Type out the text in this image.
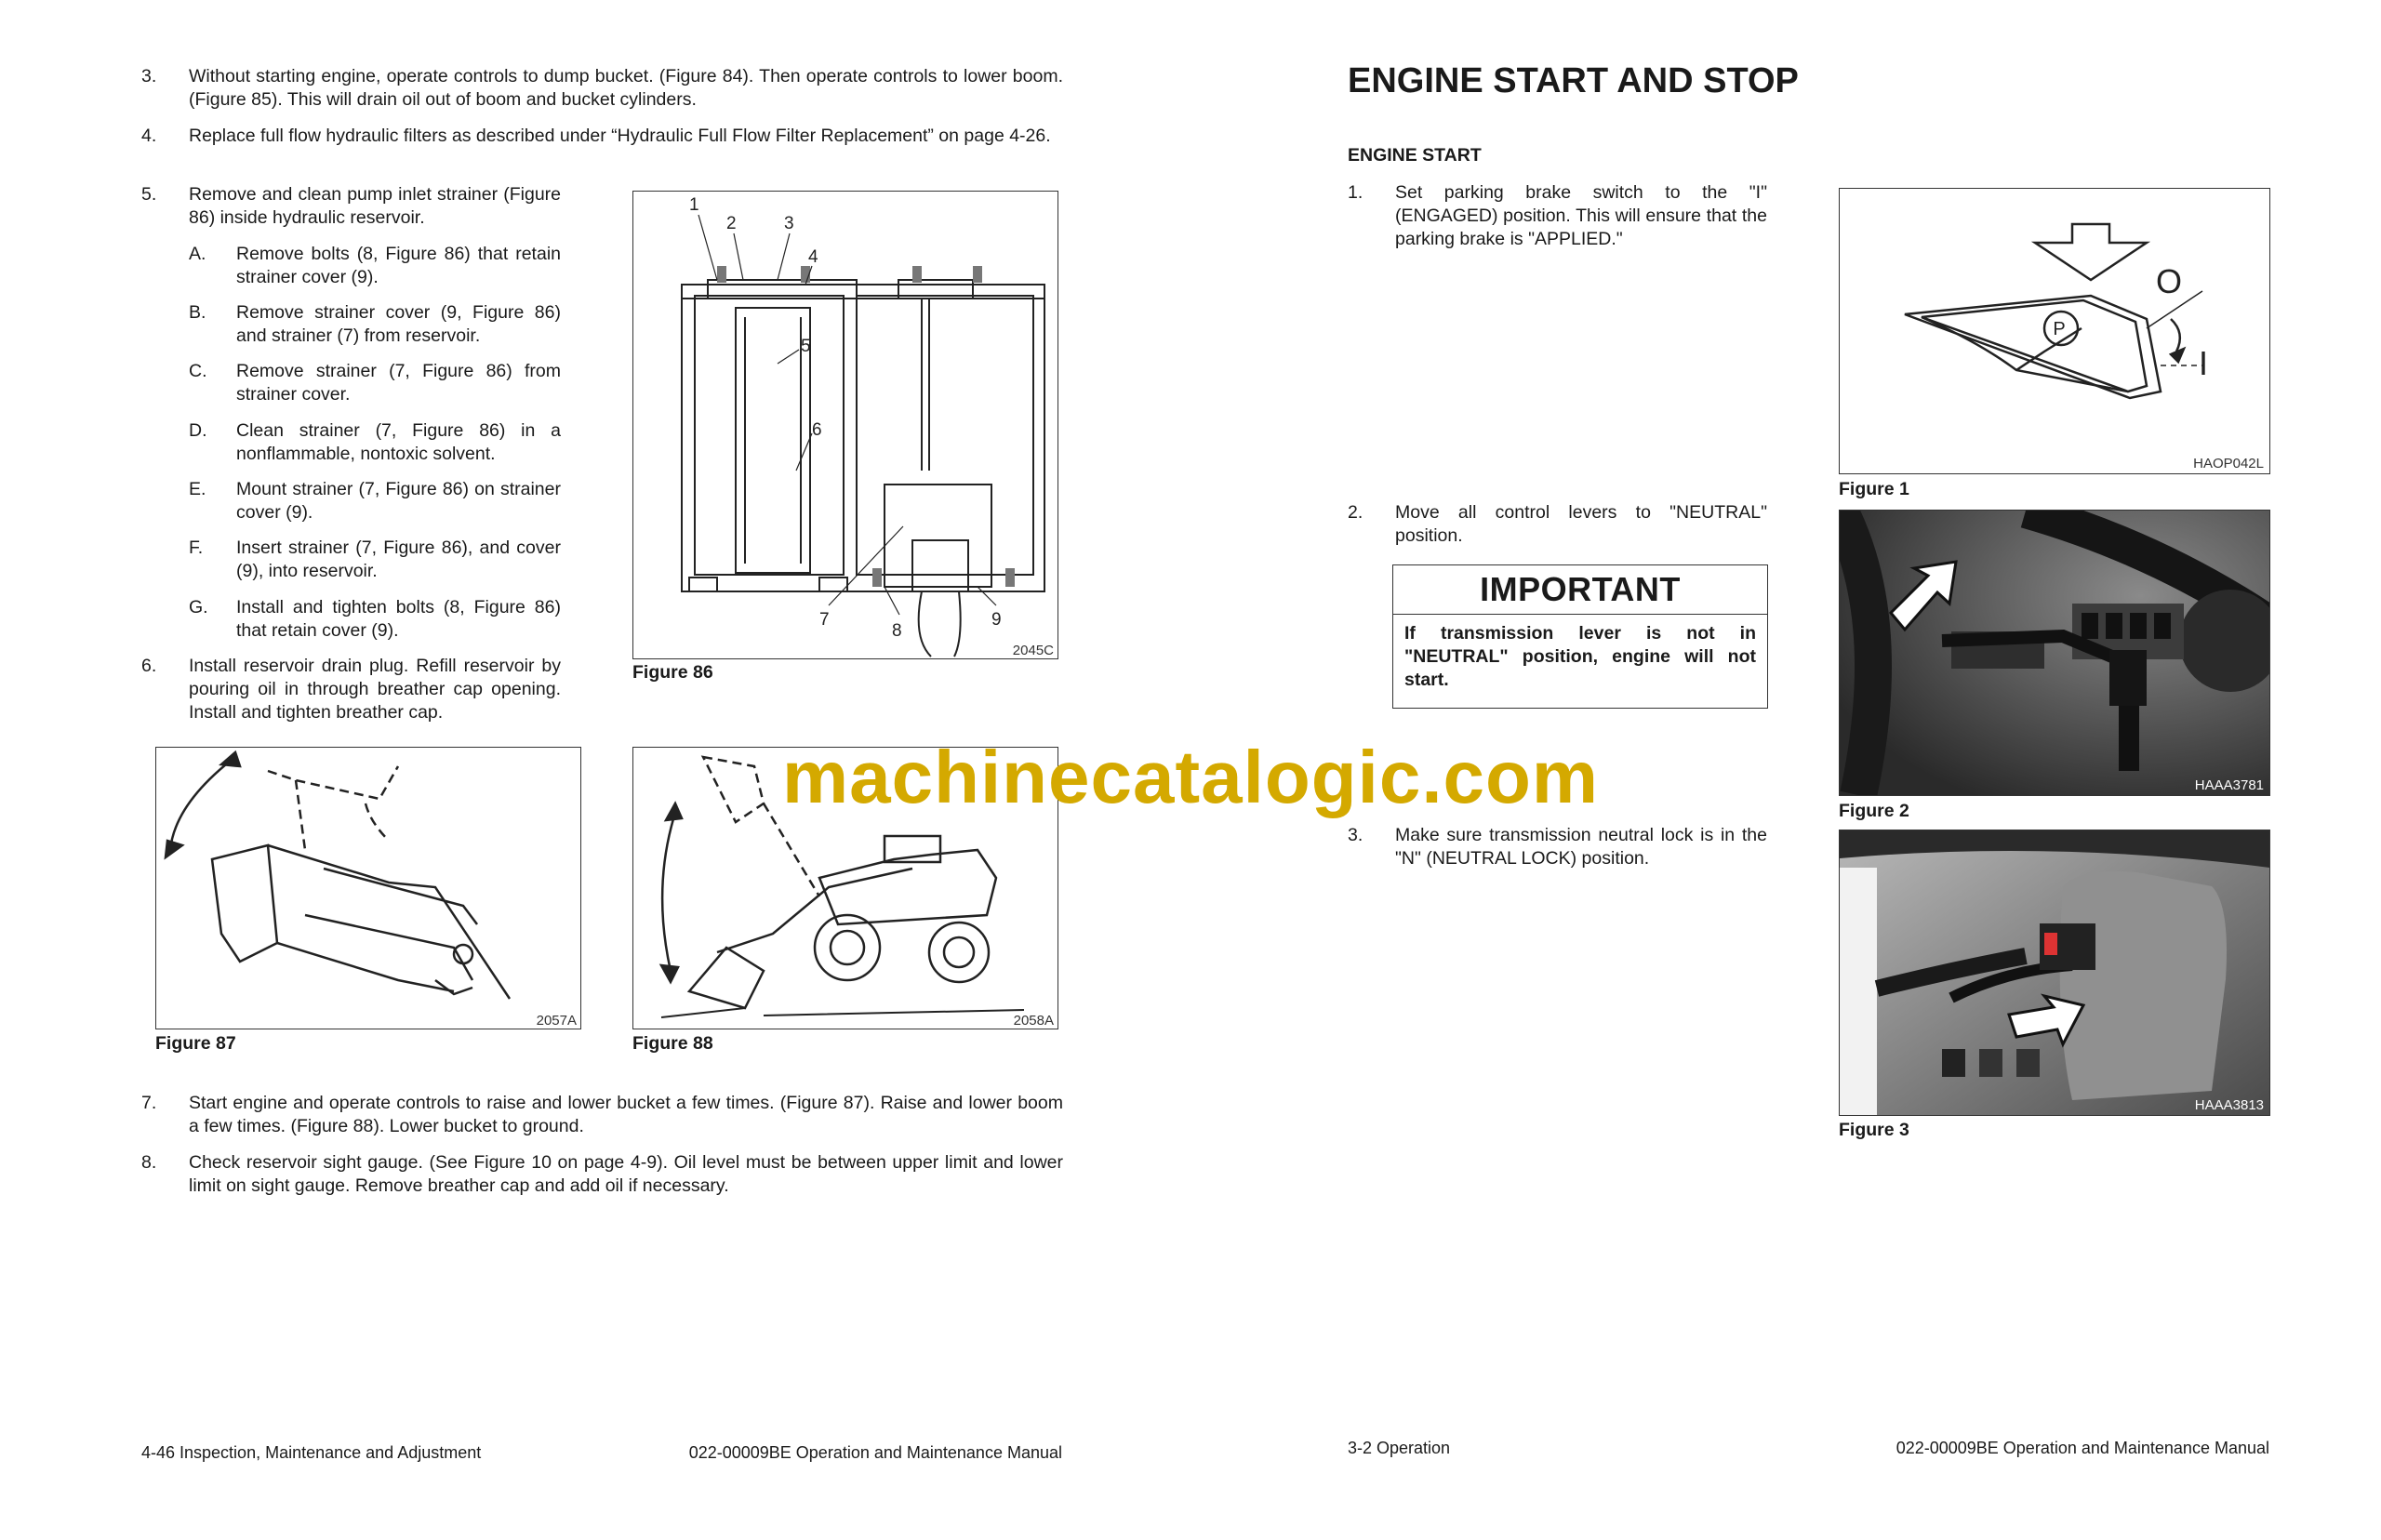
3. Without starting engine, operate controls to dump bucket. (Figure 84). Then operate controls to lower boom. (Figure 85). This will drain oil out of boom and bucket cylinders.
4. Replace full flow hydraulic filters as described under “Hydraulic Full Flow Filter Replacement” on page 4-26.
5. Remove and clean pump inlet strainer (Figure 86) inside hydraulic reservoir.
A. Remove bolts (8, Figure 86) that retain strainer cover (9).
B. Remove strainer cover (9, Figure 86) and strainer (7) from reservoir.
C. Remove strainer (7, Figure 86) from strainer cover.
D. Clean strainer (7, Figure 86) in a nonflammable, nontoxic solvent.
E. Mount strainer (7, Figure 86) on strainer cover (9).
F. Insert strainer (7, Figure 86), and cover (9), into reservoir.
G. Install and tighten bolts (8, Figure 86) that retain cover (9).
6. Install reservoir drain plug. Refill reservoir by pouring oil in through breather cap opening. Install and tighten breather cap.
1
2	3
4
5
6
7
8
9
2045C
Figure 86
2057A
Figure 87
2058A
Figure 88
7. Start engine and operate controls to raise and lower bucket a few times. (Figure 87). Raise and lower boom a few times. (Figure 88). Lower bucket to ground.
8. Check reservoir sight gauge. (See Figure 10 on page 4-9). Oil level must be between upper limit and lower limit on sight gauge. Remove breather cap and add oil if necessary.
4-46 Inspection, Maintenance and Adjustment	022-00009BE Operation and Maintenance Manual
ENGINE START AND STOP
ENGINE START
1. Set parking brake switch to the "I" (ENGAGED) position. This will ensure that the parking brake is "APPLIED."
2. Move all control levers to "NEUTRAL" position.
IMPORTANT
If transmission lever is not in "NEUTRAL" position, engine will not start.
3. Make sure transmission neutral lock is in the "N" (NEUTRAL LOCK) position.
P
O
I
HAOP042L
Figure 1
HAAA3781
Figure 2
HAAA3813
Figure 3
3-2 Operation	022-00009BE Operation and Maintenance Manual
machinecatalogic.com
